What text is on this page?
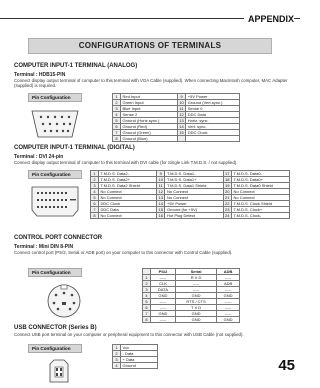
APPENDIX
CONFIGURATIONS OF TERMINALS
COMPUTER INPUT-1 TERMINAL (ANALOG)
Terminal : HDB15-PIN
Connect display output terminal of computer to this terminal with VGA Cable (supplied). When connecting Macintosh computer, MAC Adapter (supplied) is required.
Pin Configuration	1	Red Input	9	+5V Power
2	Green Input	10	Ground (Vert.sync.)
3	Blue Input	11	Sense 0
4	Sense 2	12	DDC Data
5	Ground (Horiz.sync.)	13	Horiz. sync.
6	Ground (Red)	14	Vert. sync.
7	Ground (Green)	15	DDC Clock
8	Ground (Blue)		
COMPUTER INPUT-1 TERMINAL (DIGITAL)
Terminal : DVI 24-pin
Connect display output terminal of computer to this terminal with DVI cable (for Single Link T.M.D.S. / not supplied).
Pin Configuration	1	T.M.D.S. Data2-	9	T.M.D.S. Data1-	17	T.M.D.S. Data0-
2	T.M.D.S. Data2+	10	T.M.D.S. Data1+	18	T.M.D.S. Data0+
3	T.M.D.S. Data2 Shield	11	T.M.D.S. Data1 Shield	19	T.M.D.S. Data0 Shield
4	No Connect	12	No Connect	20	No Connect
5	No Connect	13	No Connect	21	No Connect
6	DDC Clock	14	+5V Power	22	T.M.D.S. Clock Shield
7	DDC Data	15	Ground (for +5V)	23	T.M.D.S. Clock+
8	No Connect	16	Hot Plug Detect	24	T.M.D.S. Clock-
CONTROL PORT CONNECTOR
Terminal : Mini DIN 8-PIN
Connect control port (PS/2, Serial or ADB port) on your computer to this connector with Control Cable (supplied).
Pin Configuration
		PS/2	Serial	ADB
1	-----	R X D	-----
2	CLK	-----	ADB
3	DATA	-----	-----
4	GND	GND	GND
5	-----	RTS / CTS	-----
6	-----	T X D	-----
7	GND	GND	-----
8	-----	GND	GND
USB CONNECTOR (Series B)
Connect USB port terminal on your computer or peripheral equipment to this connector with USB Cable (not supplied).
Pin Configuration	1	Vcc
2	- Data
3	+ Data
4	Ground	45
